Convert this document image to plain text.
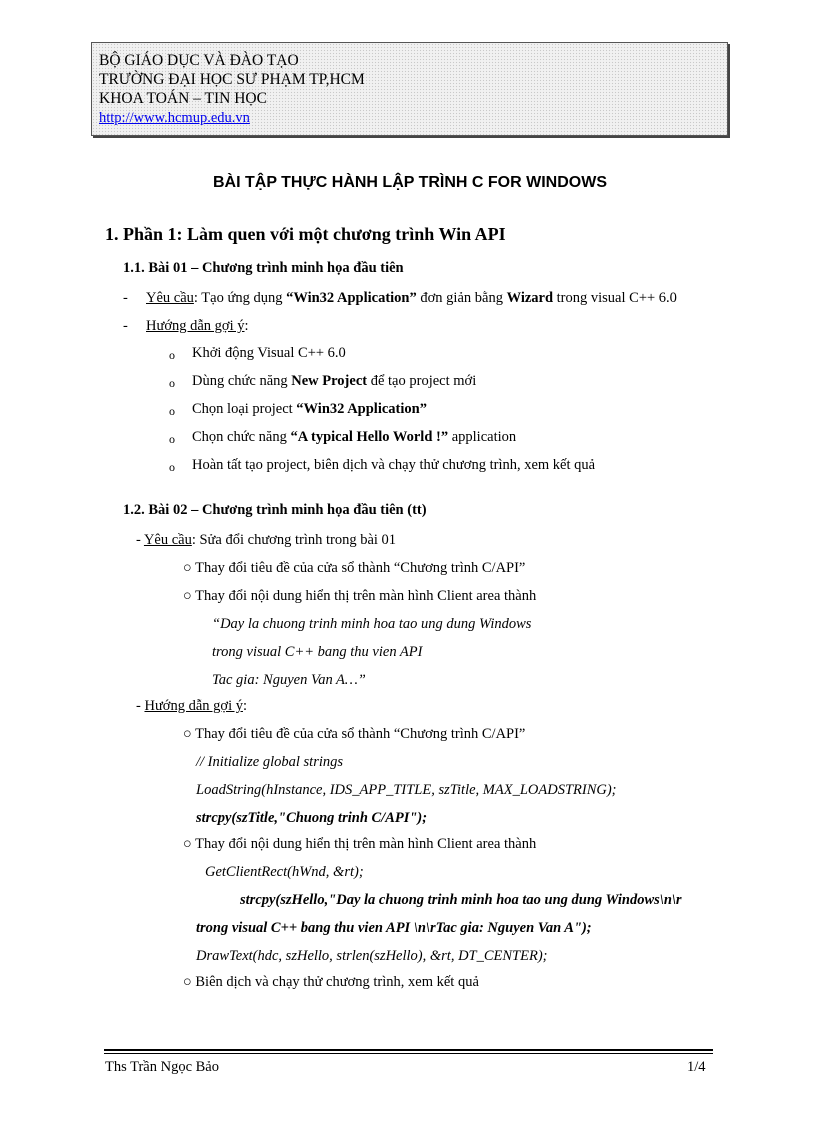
BỘ GIÁO DỤC VÀ ĐÀO TẠO
TRƯỜNG ĐẠI HỌC SƯ PHẠM TP,HCM
KHOA TOÁN – TIN HỌC
http://www.hcmup.edu.vn
BÀI TẬP THỰC HÀNH LẬP TRÌNH C FOR WINDOWS
1. Phần 1: Làm quen với một chương trình Win API
1.1. Bài 01 – Chương trình minh họa đầu tiên
- Yêu cầu: Tạo ứng dụng “Win32 Application” đơn giản bằng Wizard trong visual C++ 6.0
- Hướng dẫn gợi ý:
o Khởi động Visual C++ 6.0
o Dùng chức năng New Project để tạo project mới
o Chọn loại project “Win32 Application”
o Chọn chức năng “A typical Hello World !” application
o Hoàn tất tạo project, biên dịch và chạy thử chương trình, xem kết quả
1.2. Bài 02 – Chương trình minh họa đầu tiên (tt)
- Yêu cầu: Sửa đổi chương trình trong bài 01
○ Thay đổi tiêu đề của cửa sổ thành “Chương trình C/API”
○ Thay đổi nội dung hiển thị trên màn hình Client area thành
“Day la chuong trinh minh hoa tao ung dung Windows
trong visual C++ bang thu vien API
Tac gia: Nguyen Van A…”
- Hướng dẫn gợi ý:
○ Thay đổi tiêu đề của cửa sổ thành “Chương trình C/API”
// Initialize global strings
LoadString(hInstance, IDS_APP_TITLE, szTitle, MAX_LOADSTRING);
strcpy(szTitle,"Chuong trinh C/API");
○ Thay đổi nội dung hiển thị trên màn hình Client area thành
GetClientRect(hWnd, &rt);
strcpy(szHello,"Day la chuong trinh minh hoa tao ung dung Windows\n\r
trong visual C++ bang thu vien API \n\rTac gia: Nguyen Van A");
DrawText(hdc, szHello, strlen(szHello), &rt, DT_CENTER);
○ Biên dịch và chạy thử chương trình, xem kết quả
Ths Trần Ngọc Bảo	1/4
